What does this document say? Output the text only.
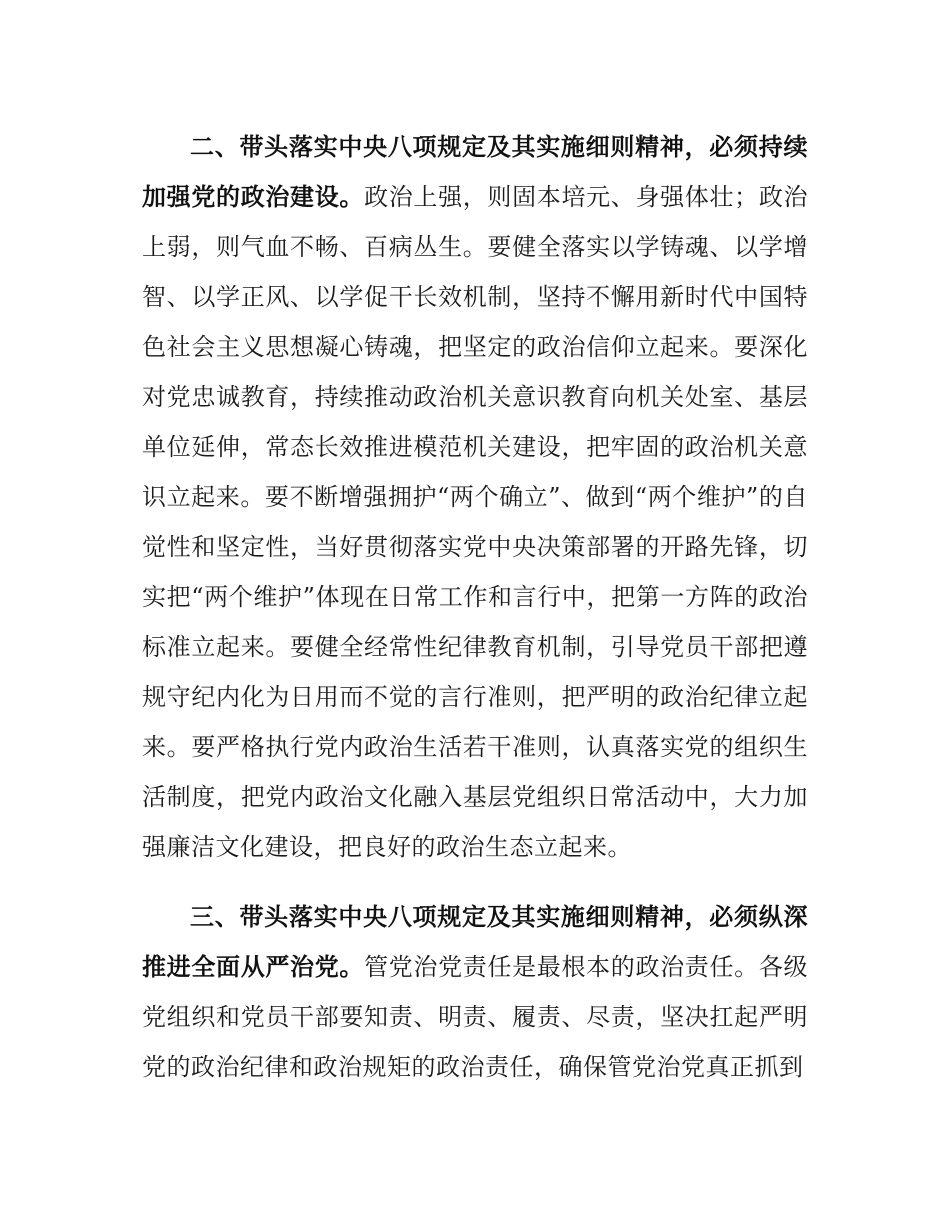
二、带头落实中央八项规定及其实施细则精神，必须持续加强党的政治建设。政治上强，则固本培元、身强体壮；政治上弱，则气血不畅、百病丛生。要健全落实以学铸魂、以学增智、以学正风、以学促干长效机制，坚持不懈用新时代中国特色社会主义思想凝心铸魂，把坚定的政治信仰立起来。要深化对党忠诚教育，持续推动政治机关意识教育向机关处室、基层单位延伸，常态长效推进模范机关建设，把牢固的政治机关意识立起来。要不断增强拥护“两个确立”、做到“两个维护”的自觉性和坚定性，当好贯彻落实党中央决策部署的开路先锋，切实把“两个维护”体现在日常工作和言行中，把第一方阵的政治标准立起来。要健全经常性纪律教育机制，引导党员干部把遵规守纪内化为日用而不觉的言行准则，把严明的政治纪律立起来。要严格执行党内政治生活若干准则，认真落实党的组织生活制度，把党内政治文化融入基层党组织日常活动中，大力加强廉洁文化建设，把良好的政治生态立起来。

三、带头落实中央八项规定及其实施细则精神，必须纵深推进全面从严治党。管党治党责任是最根本的政治责任。各级党组织和党员干部要知责、明责、履责、尽责，坚决扛起严明党的政治纪律和政治规矩的政治责任，确保管党治党真正抓到
